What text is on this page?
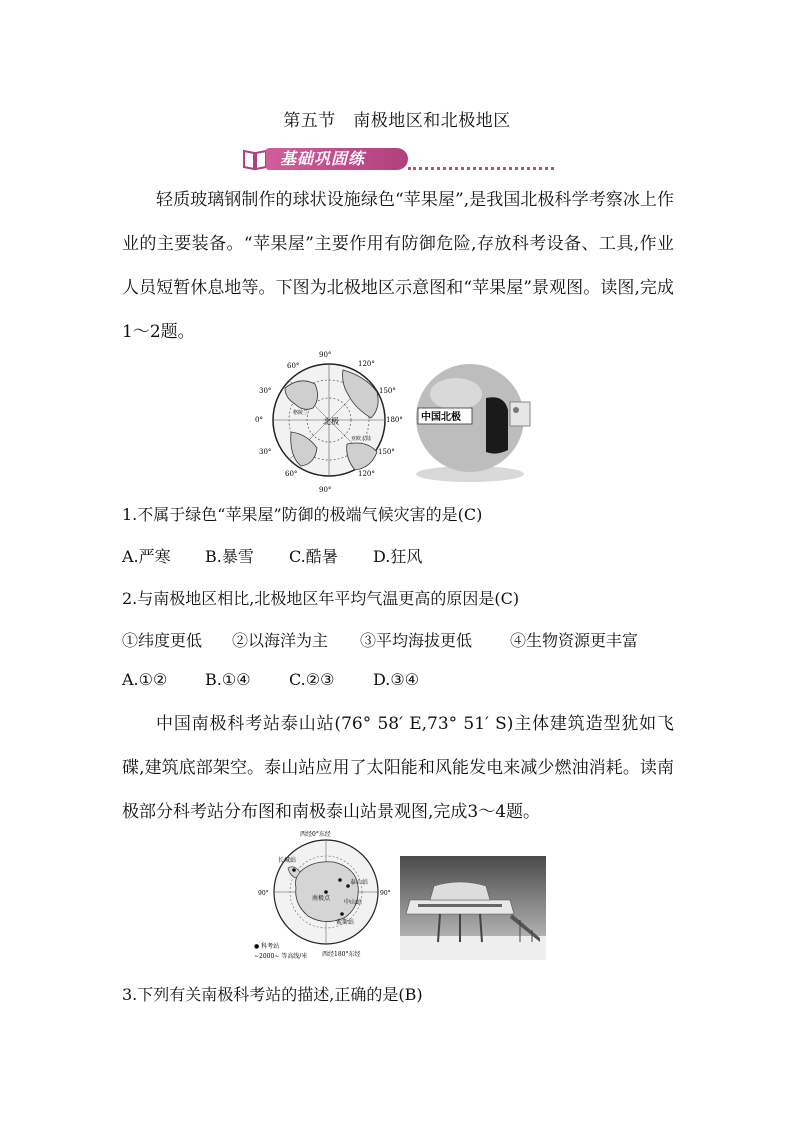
第五节　南极地区和北极地区
基础巩固练

轻质玻璃钢制作的球状设施绿色“苹果屋”,是我国北极科学考察冰上作业的主要装备。“苹果屋”主要作用有防御危险,存放科考设备、工具,作业人员短暂休息地等。下图为北极地区示意图和“苹果屋”景观图。读图,完成1～2题。

90°
60°	120°
30°	150°
0°	180°
30°	150°
60°	120°
90°
北极
格陵兰
亚欧大陆
中国北极
1.不属于绿色“苹果屋”防御的极端气候灾害的是(C)
A.严寒 B.暴雪 C.酷暑 D.狂风
2.与南极地区相比,北极地区年平均气温更高的原因是(C)
①纬度更低 ②以海洋为主 ③平均海拔更低 ④生物资源更丰富
A.①② B.①④ C.②③ D.③④

中国南极科考站泰山站(76° 58′ E,73° 51′ S)主体建筑造型犹如飞碟,建筑底部架空。泰山站应用了太阳能和风能发电来减少燃油消耗。读南极部分科考站分布图和南极泰山站景观图,完成3～4题。

西经0°东经
90°	90°
西经180°东经
长城站
泰山站
南极点
索斯站
中山站
● 科考站
~2000~ 等高线/米
3.下列有关南极科考站的描述,正确的是(B)
